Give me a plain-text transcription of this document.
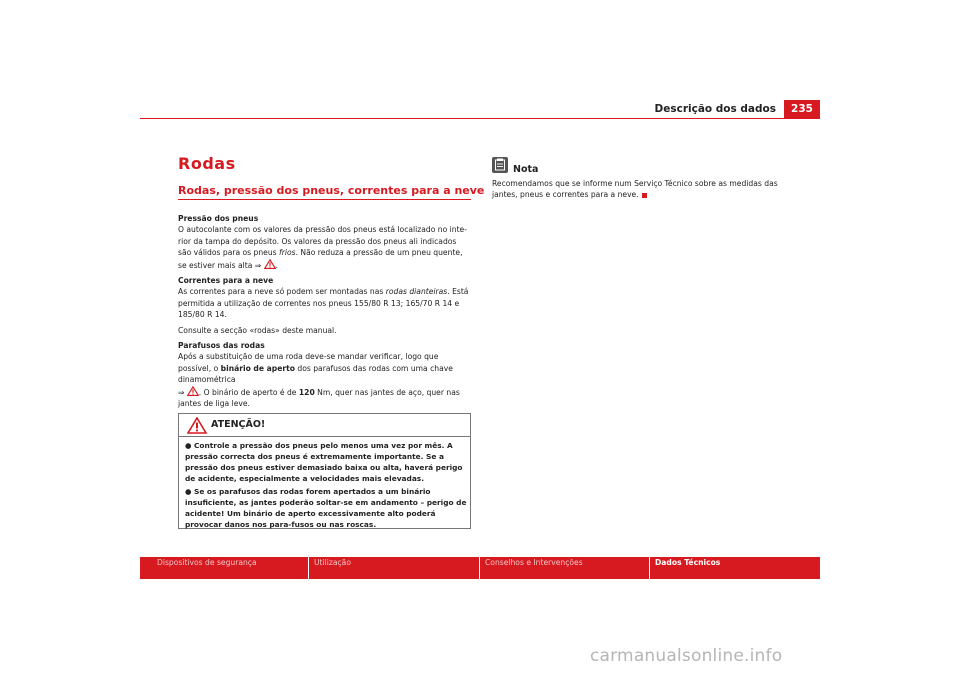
Descrição dos dados	235
Rodas
Rodas, pressão dos pneus, correntes para a neve

Pressão dos pneus
O autocolante com os valores da pressão dos pneus está localizado no inte-rior da tampa do depósito. Os valores da pressão dos pneus ali indicados são válidos para os pneus frios. Não reduza a pressão de um pneu quente, se estiver mais alta ⇒ .

Correntes para a neve
As correntes para a neve só podem ser montadas nas rodas dianteiras. Está permitida a utilização de correntes nos pneus 155/80 R 13; 165/70 R 14 e 185/80 R 14.

Consulte a secção «rodas» deste manual.

Parafusos das rodas
Após a substituição de uma roda deve-se mandar verificar, logo que possível, o binário de aperto dos parafusos das rodas com uma chave dinamométrica
⇒ . O binário de aperto é de 120 Nm, quer nas jantes de aço, quer nas jantes de liga leve.

ATENÇÃO!

● Controle a pressão dos pneus pelo menos uma vez por mês. A pressão correcta dos pneus é extremamente importante. Se a pressão dos pneus estiver demasiado baixa ou alta, haverá perigo de acidente, especialmente a velocidades mais elevadas.

● Se os parafusos das rodas forem apertados a um binário insuficiente, as jantes poderão soltar-se em andamento – perigo de acidente! Um binário de aperto excessivamente alto poderá provocar danos nos para-fusos ou nas roscas.

Nota
Recomendamos que se informe num Serviço Técnico sobre as medidas das jantes, pneus e correntes para a neve.
Dispositivos de segurança	Utilização	Conselhos e Intervenções	Dados Técnicos
carmanualsonline.info
